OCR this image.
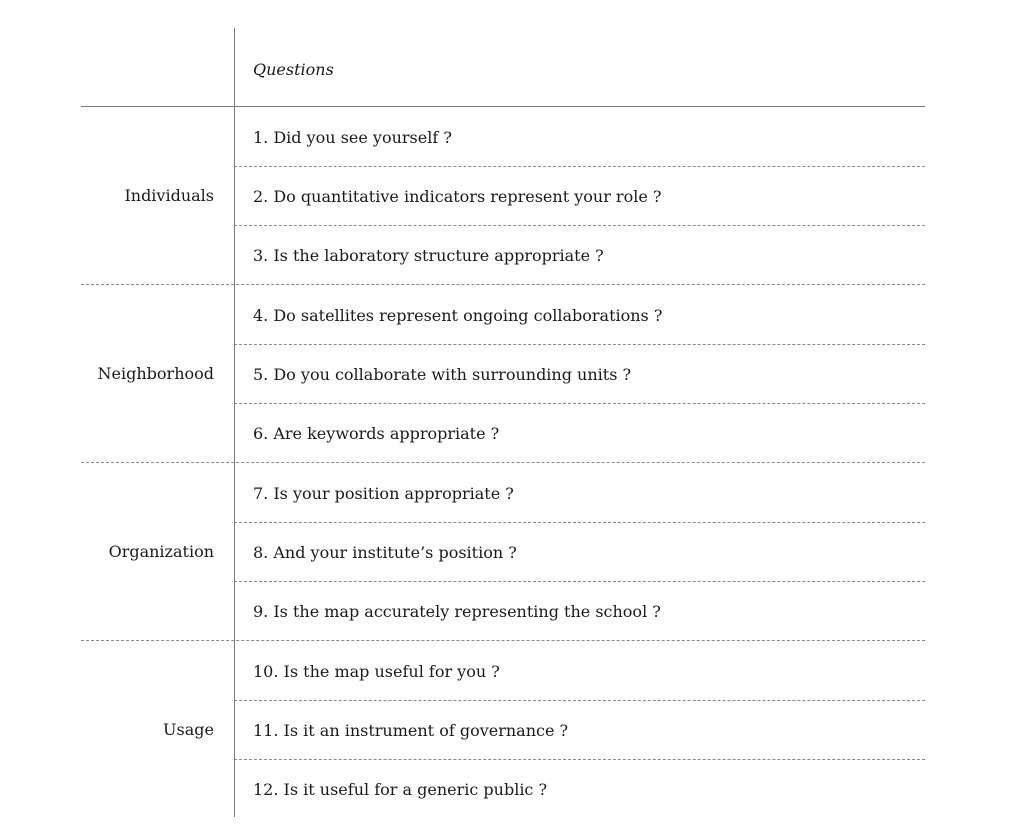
Questions
Individuals
1. Did you see yourself ?
2. Do quantitative indicators represent your role ?
3. Is the laboratory structure appropriate ?
Neighborhood
4. Do satellites represent ongoing collaborations ?
5. Do you collaborate with surrounding units ?
6. Are keywords appropriate ?
Organization
7. Is your position appropriate ?
8. And your institute’s position ?
9. Is the map accurately representing the school ?
Usage
10. Is the map useful for you ?
11. Is it an instrument of governance ?
12. Is it useful for a generic public ?
